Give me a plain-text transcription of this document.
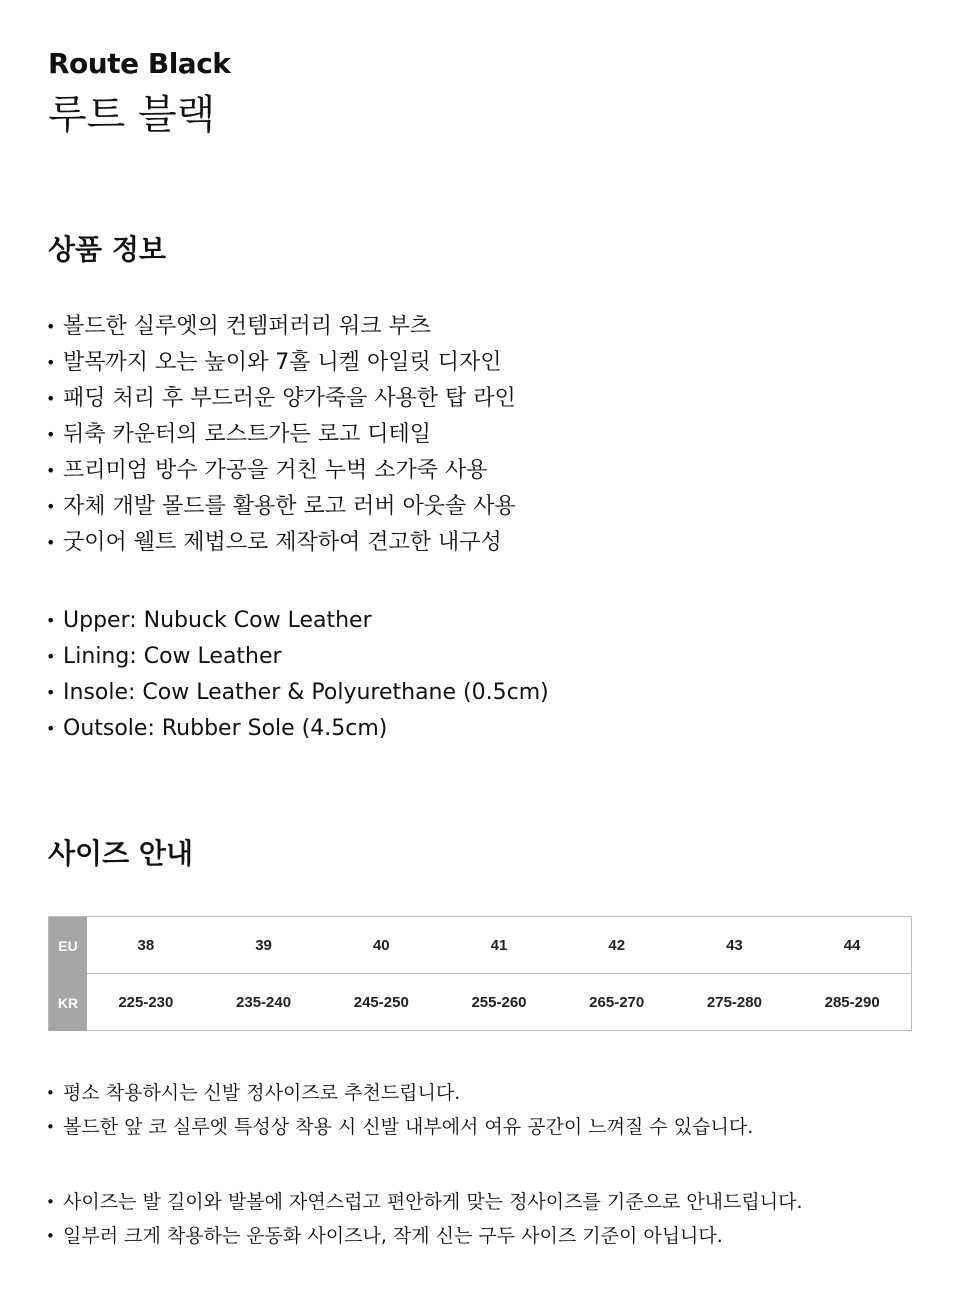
Route Black
루트 블랙
상품 정보
• 볼드한 실루엣의 컨템퍼러리 워크 부츠
• 발목까지 오는 높이와 7홀 니켈 아일릿 디자인
• 패딩 처리 후 부드러운 양가죽을 사용한 탑 라인
• 뒤축 카운터의 로스트가든 로고 디테일
• 프리미엄 방수 가공을 거친 누벅 소가죽 사용
• 자체 개발 몰드를 활용한 로고 러버 아웃솔 사용
• 굿이어 웰트 제법으로 제작하여 견고한 내구성
• Upper: Nubuck Cow Leather
• Lining: Cow Leather
• Insole: Cow Leather & Polyurethane (0.5cm)
• Outsole: Rubber Sole (4.5cm)
사이즈 안내
EU	38	39	40	41	42	43	44
KR	225-230	235-240	245-250	255-260	265-270	275-280	285-290
• 평소 착용하시는 신발 정사이즈로 추천드립니다.
• 볼드한 앞 코 실루엣 특성상 착용 시 신발 내부에서 여유 공간이 느껴질 수 있습니다.
• 사이즈는 발 길이와 발볼에 자연스럽고 편안하게 맞는 정사이즈를 기준으로 안내드립니다.
• 일부러 크게 착용하는 운동화 사이즈나, 작게 신는 구두 사이즈 기준이 아닙니다.
